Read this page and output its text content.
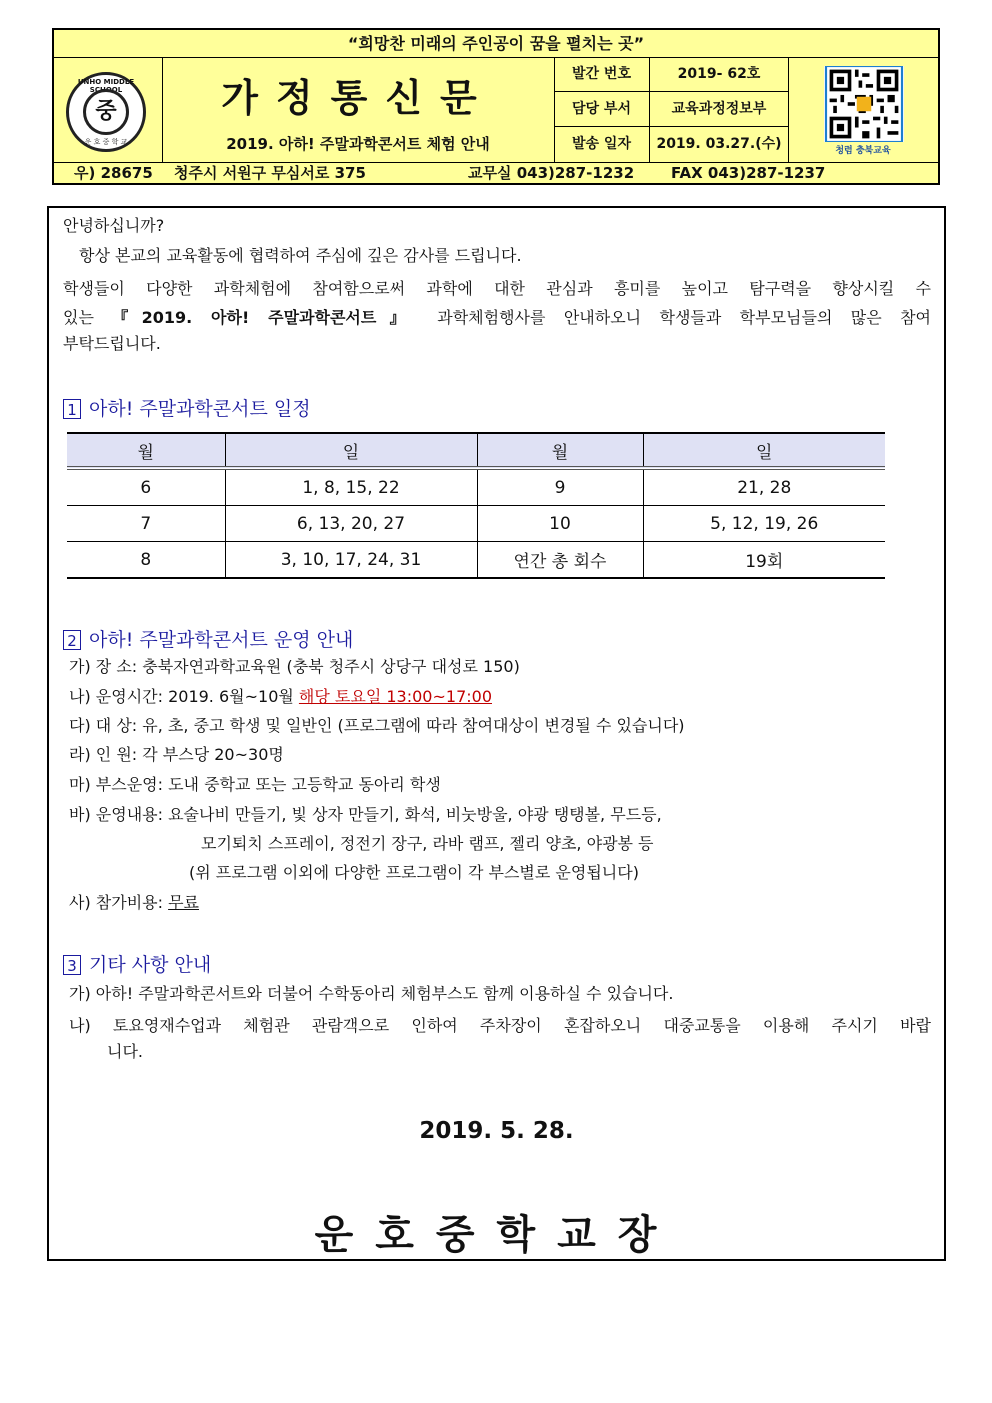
“희망찬 미래의 주인공이 꿈을 펼치는 곳”
UNHO MIDDLE SCHOOL
중
운 호 중 학 교
가정통신문
2019. 아하! 주말과학콘서트 체험 안내
발간 번호	2019- 62호
담당 부서	교육과정정보부
발송 일자	2019. 03.27.(수)	청렴 충북교육
우) 28675 청주시 서원구 무심서로 375	교무실 043)287-1232 FAX 043)287-1237
안녕하십니까?
항상 본교의 교육활동에 협력하여 주심에 깊은 감사를 드립니다.
학생들이 다양한 과학체험에 참여함으로써 과학에 대한 관심과 흥미를 높이고 탐구력을 향상시킬 수
있는 『2019. 아하! 주말과학콘서트』 과학체험행사를 안내하오니 학생들과 학부모님들의 많은 참여
부탁드립니다.
1 아하! 주말과학콘서트 일정
월	일	월	일
6	1, 8, 15, 22	9	21, 28
7	6, 13, 20, 27	10	5, 12, 19, 26
8	3, 10, 17, 24, 31	연간 총 회수	19회
2 아하! 주말과학콘서트 운영 안내
가) 장 소: 충북자연과학교육원 (충북 청주시 상당구 대성로 150)
나) 운영시간: 2019. 6월~10월 해당 토요일 13:00~17:00
다) 대 상: 유, 초, 중고 학생 및 일반인 (프로그램에 따라 참여대상이 변경될 수 있습니다)
라) 인 원: 각 부스당 20~30명
마) 부스운영: 도내 중학교 또는 고등학교 동아리 학생
바) 운영내용: 요술나비 만들기, 빛 상자 만들기, 화석, 비눗방울, 야광 탱탱볼, 무드등,
모기퇴치 스프레이, 정전기 장구, 라바 램프, 젤리 양초, 야광봉 등
(위 프로그램 이외에 다양한 프로그램이 각 부스별로 운영됩니다)
사) 참가비용: 무료
3 기타 사항 안내
가) 아하! 주말과학콘서트와 더불어 수학동아리 체험부스도 함께 이용하실 수 있습니다.
나) 토요영재수업과 체험관 관람객으로 인하여 주차장이 혼잡하오니 대중교통을 이용해 주시기 바랍
니다.
2019. 5. 28.
운호중학교장
